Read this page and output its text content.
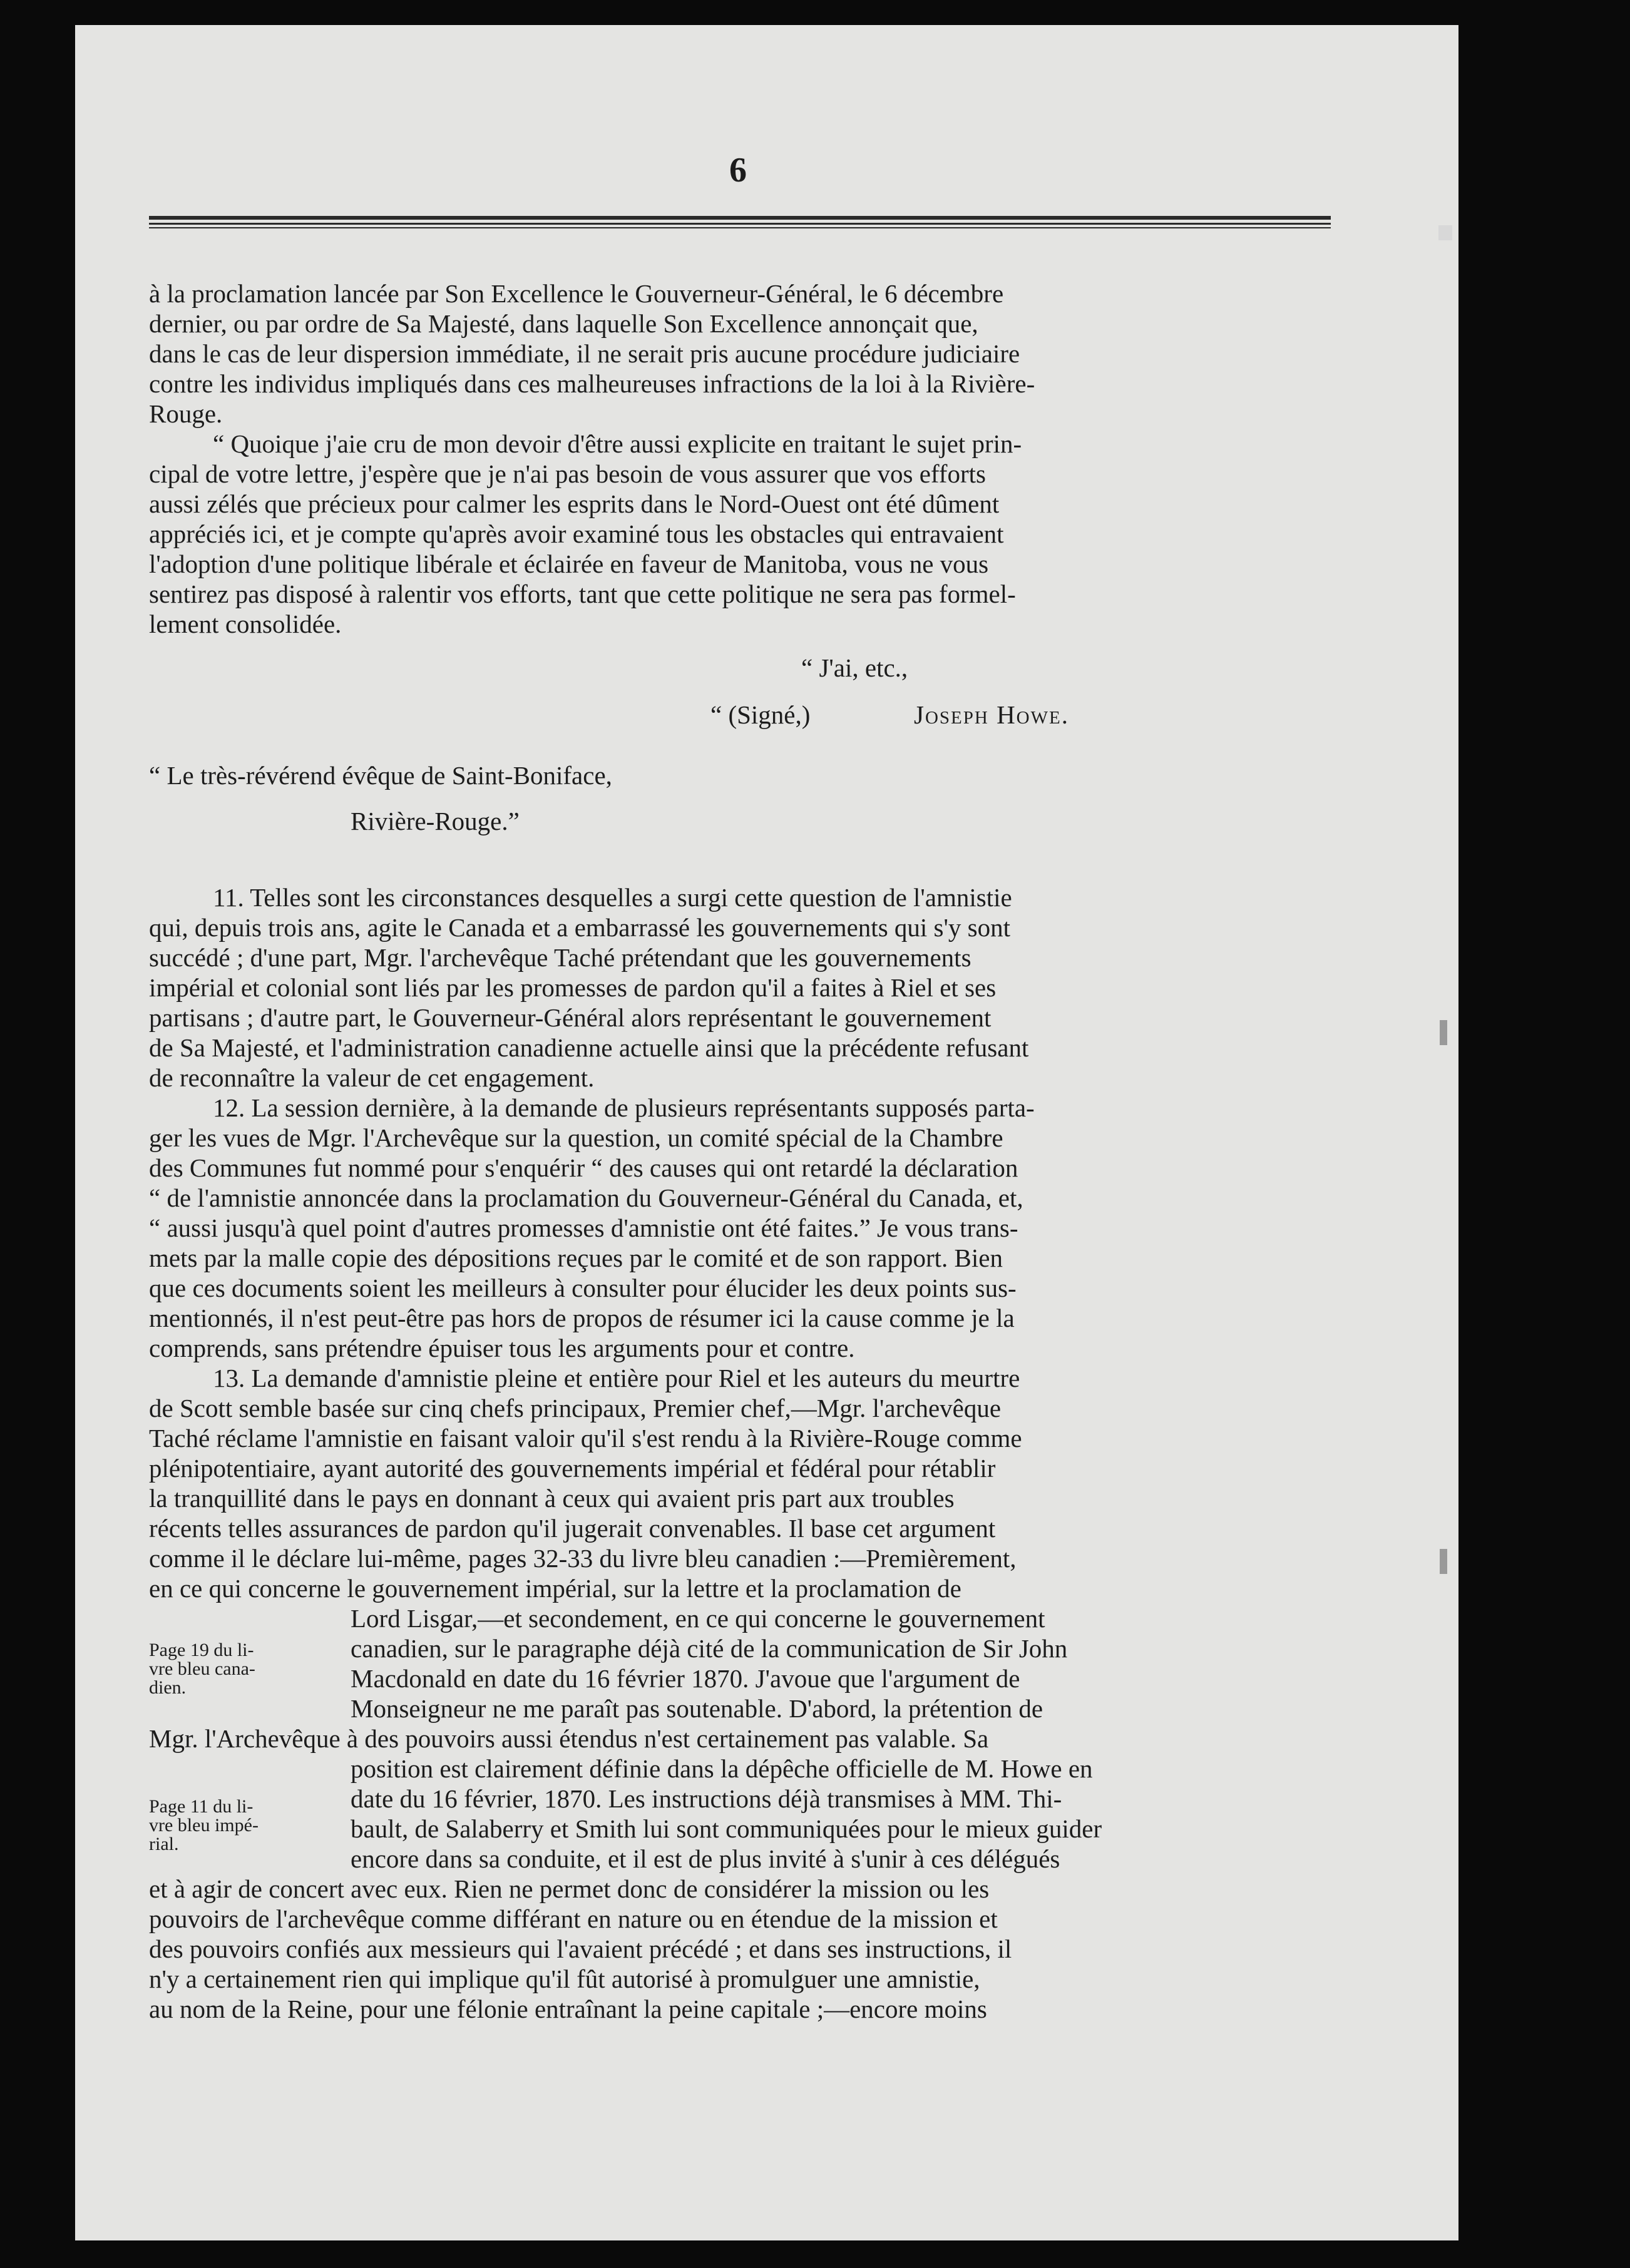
6
à la proclamation lancée par Son Excellence le Gouverneur-Général, le 6 décembre
dernier, ou par ordre de Sa Majesté, dans laquelle Son Excellence annonçait que,
dans le cas de leur dispersion immédiate, il ne serait pris aucune procédure judiciaire
contre les individus impliqués dans ces malheureuses infractions de la loi à la Rivière-
Rouge.
“ Quoique j'aie cru de mon devoir d'être aussi explicite en traitant le sujet prin-
cipal de votre lettre, j'espère que je n'ai pas besoin de vous assurer que vos efforts
aussi zélés que précieux pour calmer les esprits dans le Nord-Ouest ont été dûment
appréciés ici, et je compte qu'après avoir examiné tous les obstacles qui entravaient
l'adoption d'une politique libérale et éclairée en faveur de Manitoba, vous ne vous
sentirez pas disposé à ralentir vos efforts, tant que cette politique ne sera pas formel-
lement consolidée.
“ J'ai, etc.,
“ (Signé,)	Joseph Howe.
“ Le très-révérend évêque de Saint-Boniface,
Rivière-Rouge.”
11. Telles sont les circonstances desquelles a surgi cette question de l'amnistie
qui, depuis trois ans, agite le Canada et a embarrassé les gouvernements qui s'y sont
succédé ; d'une part, Mgr. l'archevêque Taché prétendant que les gouvernements
impérial et colonial sont liés par les promesses de pardon qu'il a faites à Riel et ses
partisans ; d'autre part, le Gouverneur-Général alors représentant le gouvernement
de Sa Majesté, et l'administration canadienne actuelle ainsi que la précédente refusant
de reconnaître la valeur de cet engagement.
12. La session dernière, à la demande de plusieurs représentants supposés parta-
ger les vues de Mgr. l'Archevêque sur la question, un comité spécial de la Chambre
des Communes fut nommé pour s'enquérir “ des causes qui ont retardé la déclaration
“ de l'amnistie annoncée dans la proclamation du Gouverneur-Général du Canada, et,
“ aussi jusqu'à quel point d'autres promesses d'amnistie ont été faites.” Je vous trans-
mets par la malle copie des dépositions reçues par le comité et de son rapport. Bien
que ces documents soient les meilleurs à consulter pour élucider les deux points sus-
mentionnés, il n'est peut-être pas hors de propos de résumer ici la cause comme je la
comprends, sans prétendre épuiser tous les arguments pour et contre.
13. La demande d'amnistie pleine et entière pour Riel et les auteurs du meurtre
de Scott semble basée sur cinq chefs principaux, Premier chef,—Mgr. l'archevêque
Taché réclame l'amnistie en faisant valoir qu'il s'est rendu à la Rivière-Rouge comme
plénipotentiaire, ayant autorité des gouvernements impérial et fédéral pour rétablir
la tranquillité dans le pays en donnant à ceux qui avaient pris part aux troubles
récents telles assurances de pardon qu'il jugerait convenables. Il base cet argument
comme il le déclare lui-même, pages 32-33 du livre bleu canadien :—Premièrement,
en ce qui concerne le gouvernement impérial, sur la lettre et la proclamation de
Lord Lisgar,—et secondement, en ce qui concerne le gouvernement
canadien, sur le paragraphe déjà cité de la communication de Sir John
Macdonald en date du 16 février 1870. J'avoue que l'argument de
Monseigneur ne me paraît pas soutenable. D'abord, la prétention de
Page 19 du li-
vre bleu cana-
dien.
Mgr. l'Archevêque à des pouvoirs aussi étendus n'est certainement pas valable. Sa
position est clairement définie dans la dépêche officielle de M. Howe en
date du 16 février, 1870. Les instructions déjà transmises à MM. Thi-
bault, de Salaberry et Smith lui sont communiquées pour le mieux guider
encore dans sa conduite, et il est de plus invité à s'unir à ces délégués
Page 11 du li-
vre bleu impé-
rial.
et à agir de concert avec eux. Rien ne permet donc de considérer la mission ou les
pouvoirs de l'archevêque comme différant en nature ou en étendue de la mission et
des pouvoirs confiés aux messieurs qui l'avaient précédé ; et dans ses instructions, il
n'y a certainement rien qui implique qu'il fût autorisé à promulguer une amnistie,
au nom de la Reine, pour une félonie entraînant la peine capitale ;—encore moins
